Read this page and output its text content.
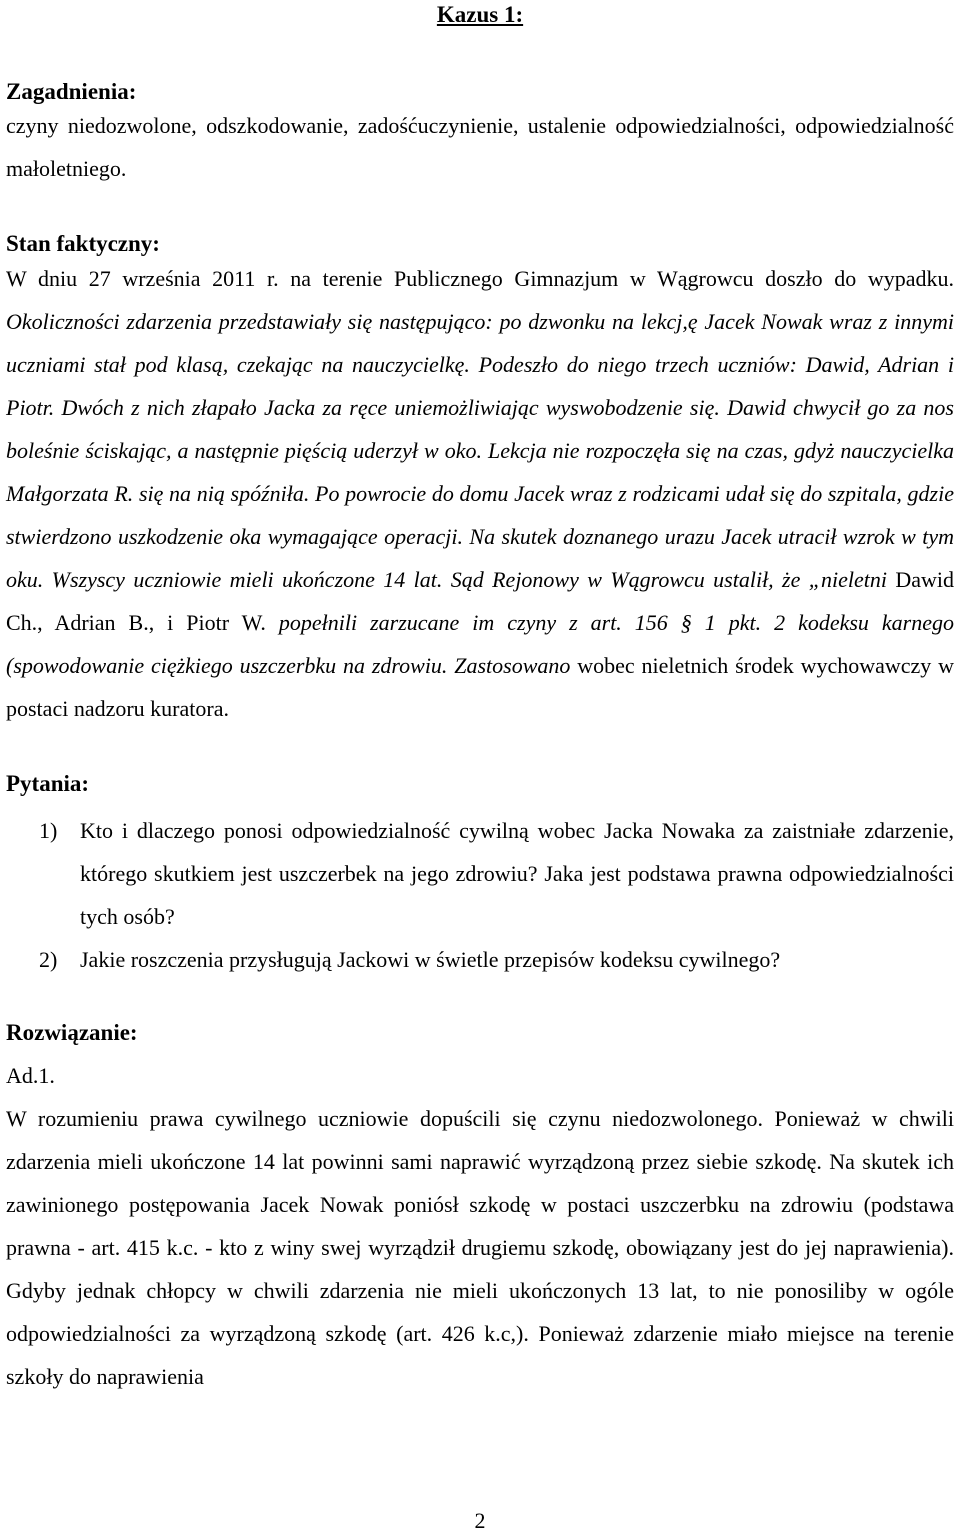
Kazus 1:
Zagadnienia:

czyny niedozwolone, odszkodowanie, zadośćuczynienie, ustalenie odpowiedzialności, odpowiedzialność małoletniego.

Stan faktyczny:

W dniu 27 września 2011 r. na terenie Publicznego Gimnazjum w Wągrowcu doszło do wypadku. Okoliczności zdarzenia przedstawiały się następująco: po dzwonku na lekcj,ę Jacek Nowak wraz z innymi uczniami stał pod klasą, czekając na nauczycielkę. Podeszło do niego trzech uczniów: Dawid, Adrian i Piotr. Dwóch z nich złapało Jacka za ręce uniemożliwiając wyswobodzenie się. Dawid chwycił go za nos boleśnie ściskając, a następnie pięścią uderzył w oko. Lekcja nie rozpoczęła się na czas, gdyż nauczycielka Małgorzata R. się na nią spóźniła. Po powrocie do domu Jacek wraz z rodzicami udał się do szpitala, gdzie stwierdzono uszkodzenie oka wymagające operacji. Na skutek doznanego urazu Jacek utracił wzrok w tym oku. Wszyscy uczniowie mieli ukończone 14 lat. Sąd Rejonowy w Wągrowcu ustalił, że „nieletni Dawid Ch., Adrian B., i Piotr W. popełnili zarzucane im czyny z art. 156 § 1 pkt. 2 kodeksu karnego (spowodowanie ciężkiego uszczerbku na zdrowiu. Zastosowano wobec nieletnich środek wychowawczy w postaci nadzoru kuratora.

Pytania:
1) Kto i dlaczego ponosi odpowiedzialność cywilną wobec Jacka Nowaka za zaistniałe zdarzenie, którego skutkiem jest uszczerbek na jego zdrowiu? Jaka jest podstawa prawna odpowiedzialności tych osób?
2) Jakie roszczenia przysługują Jackowi w świetle przepisów kodeksu cywilnego?
Rozwiązanie:

Ad.1.

W rozumieniu prawa cywilnego uczniowie dopuścili się czynu niedozwolonego. Ponieważ w chwili zdarzenia mieli ukończone 14 lat powinni sami naprawić wyrządzoną przez siebie szkodę. Na skutek ich zawinionego postępowania Jacek Nowak poniósł szkodę w postaci uszczerbku na zdrowiu (podstawa prawna - art. 415 k.c. - kto z winy swej wyrządził drugiemu szkodę, obowiązany jest do jej naprawienia). Gdyby jednak chłopcy w chwili zdarzenia nie mieli ukończonych 13 lat, to nie ponosiliby w ogóle odpowiedzialności za wyrządzoną szkodę (art. 426 k.c,). Ponieważ zdarzenie miało miejsce na terenie szkoły do naprawienia

2
